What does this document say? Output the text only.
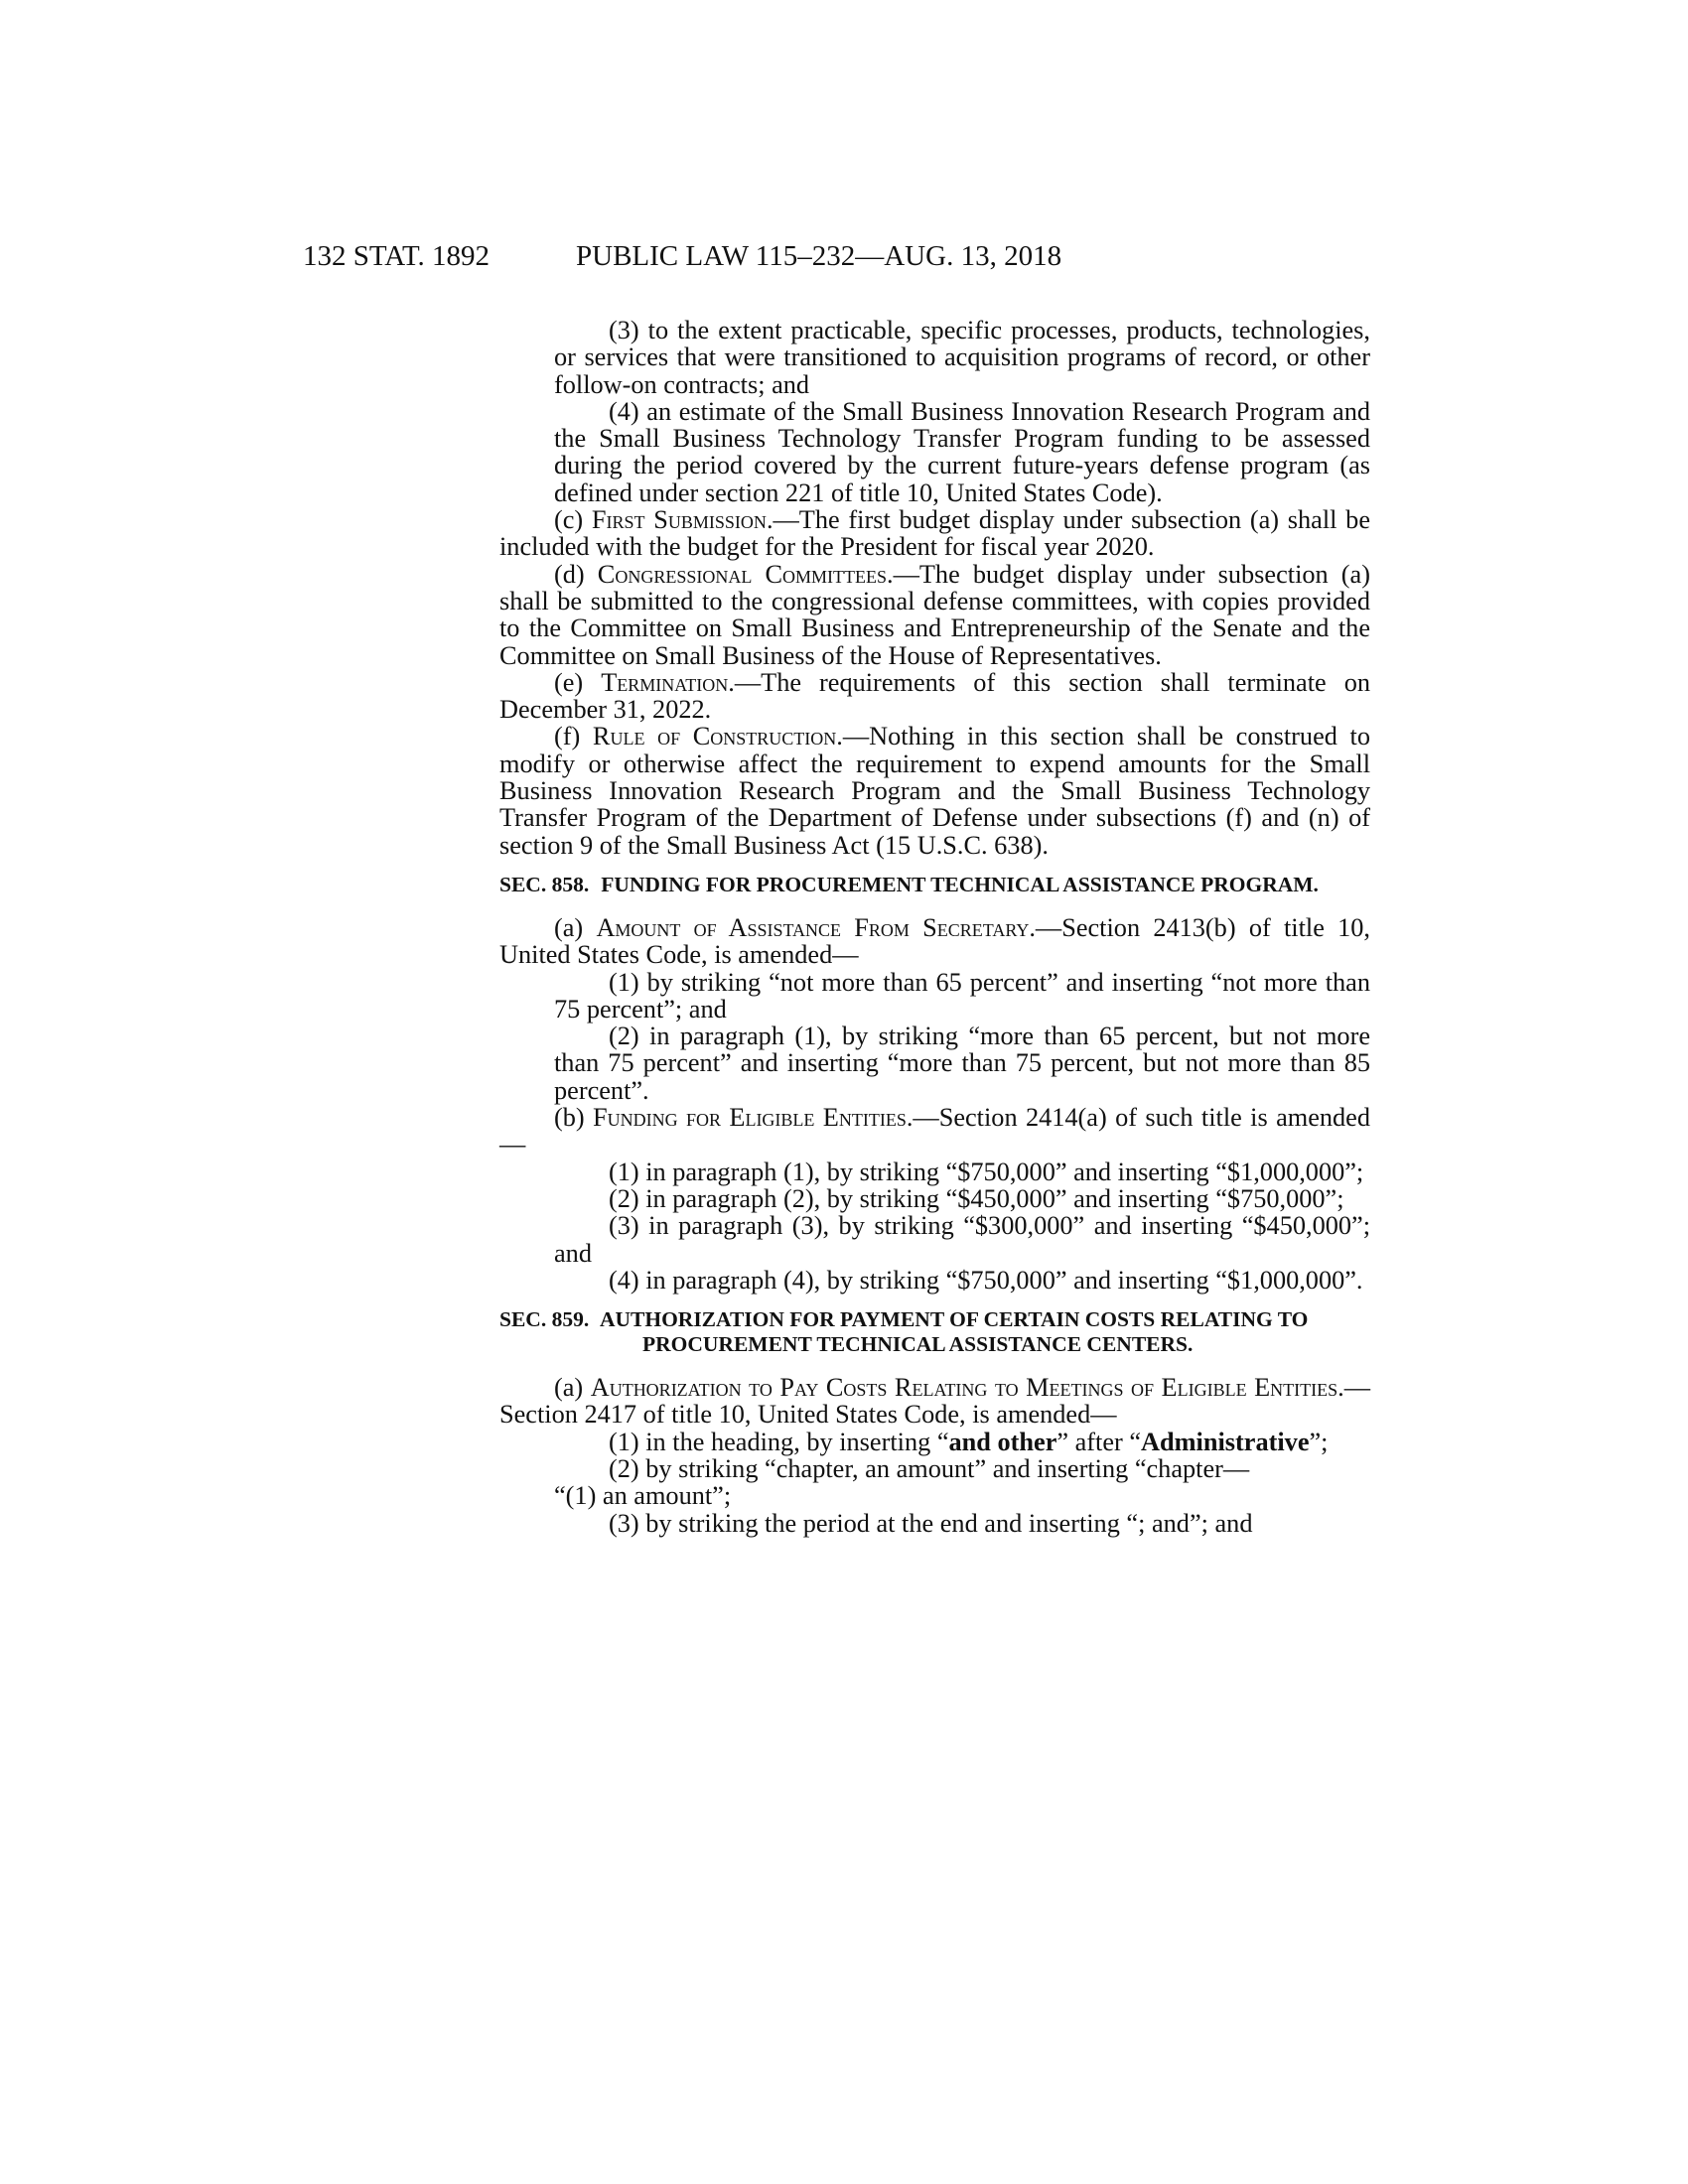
132 STAT. 1892	PUBLIC LAW 115–232—AUG. 13, 2018

(3) to the extent practicable, specific processes, products, technologies, or services that were transitioned to acquisition programs of record, or other follow-on contracts; and

(4) an estimate of the Small Business Innovation Research Program and the Small Business Technology Transfer Program funding to be assessed during the period covered by the current future-years defense program (as defined under section 221 of title 10, United States Code).

(c) First Submission.—The first budget display under subsection (a) shall be included with the budget for the President for fiscal year 2020.

(d) Congressional Committees.—The budget display under subsection (a) shall be submitted to the congressional defense committees, with copies provided to the Committee on Small Business and Entrepreneurship of the Senate and the Committee on Small Business of the House of Representatives.

(e) Termination.—The requirements of this section shall terminate on December 31, 2022.

(f) Rule of Construction.—Nothing in this section shall be construed to modify or otherwise affect the requirement to expend amounts for the Small Business Innovation Research Program and the Small Business Technology Transfer Program of the Department of Defense under subsections (f) and (n) of section 9 of the Small Business Act (15 U.S.C. 638).

SEC. 858. FUNDING FOR PROCUREMENT TECHNICAL ASSISTANCE PROGRAM.

(a) Amount of Assistance From Secretary.—Section 2413(b) of title 10, United States Code, is amended—

(1) by striking “not more than 65 percent” and inserting “not more than 75 percent”; and

(2) in paragraph (1), by striking “more than 65 percent, but not more than 75 percent” and inserting “more than 75 percent, but not more than 85 percent”.

(b) Funding for Eligible Entities.—Section 2414(a) of such title is amended—

(1) in paragraph (1), by striking “$750,000” and inserting “$1,000,000”;

(2) in paragraph (2), by striking “$450,000” and inserting “$750,000”;

(3) in paragraph (3), by striking “$300,000” and inserting “$450,000”; and

(4) in paragraph (4), by striking “$750,000” and inserting “$1,000,000”.

SEC. 859. AUTHORIZATION FOR PAYMENT OF CERTAIN COSTS RELATING TO PROCUREMENT TECHNICAL ASSISTANCE CENTERS.

(a) Authorization to Pay Costs Relating to Meetings of Eligible Entities.—Section 2417 of title 10, United States Code, is amended—

(1) in the heading, by inserting “and other” after “Administrative”;

(2) by striking “chapter, an amount” and inserting “chapter—

“(1) an amount”;

(3) by striking the period at the end and inserting “; and”; and
